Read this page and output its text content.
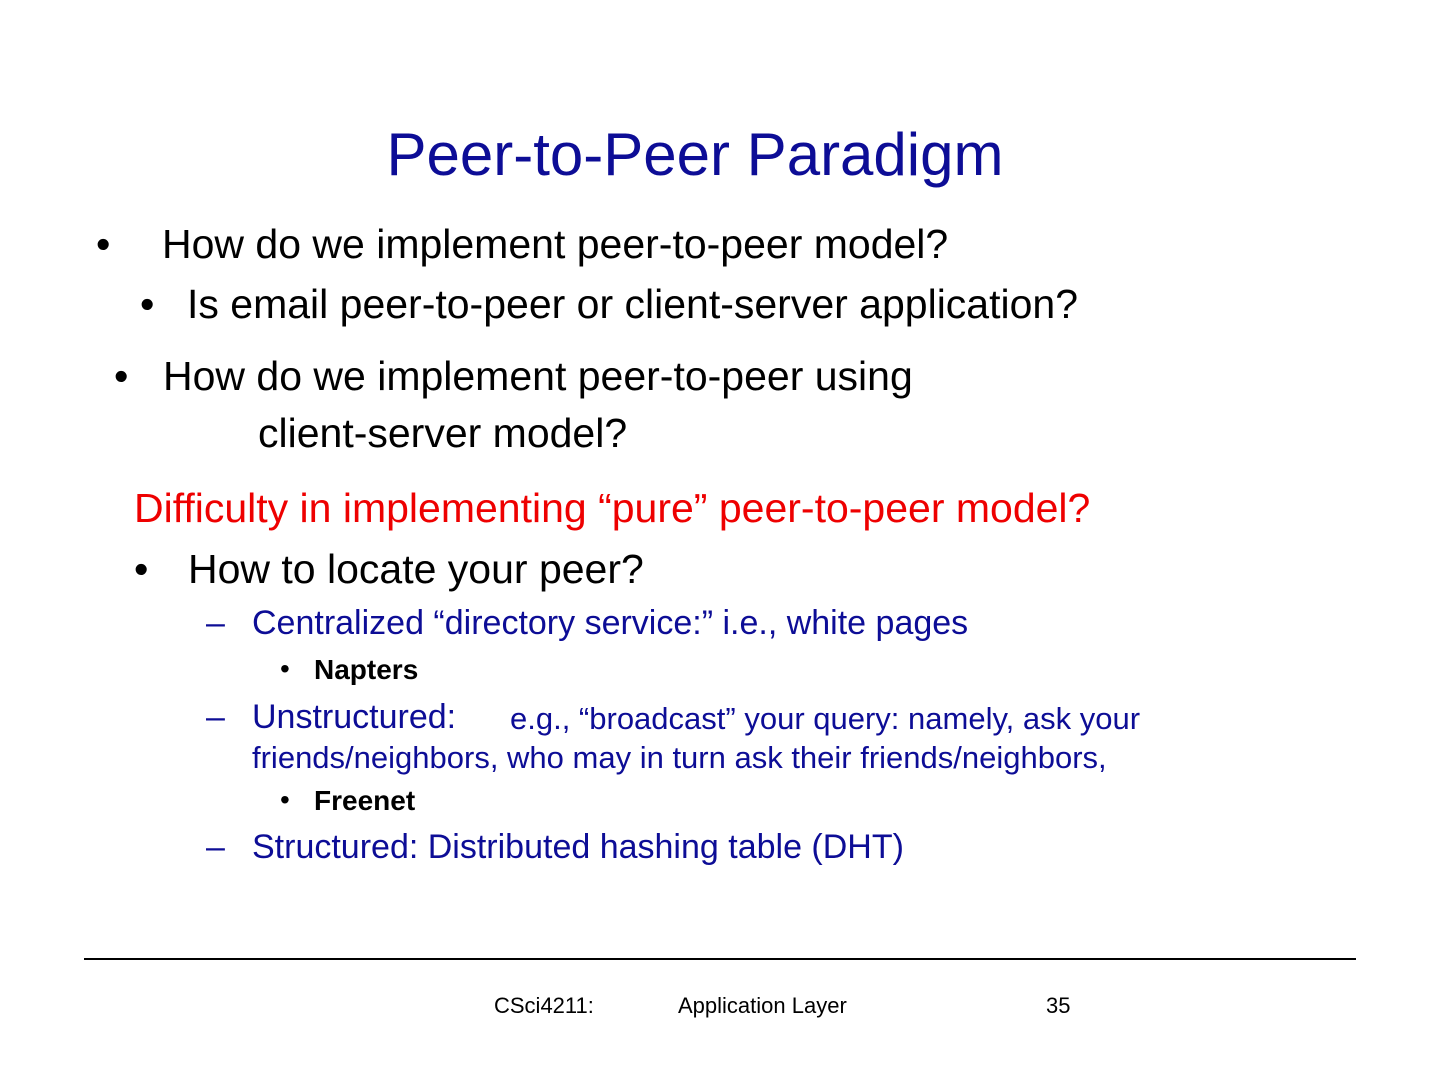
Peer-to-Peer Paradigm
• How do we implement peer-to-peer model?
• Is email peer-to-peer or client-server application?
• How do we implement peer-to-peer using
client-server model?
Difficulty in implementing “pure” peer-to-peer model?
• How to locate your peer?
– Centralized “directory service:” i.e., white pages
• Napters
– Unstructured: e.g., “broadcast” your query: namely, ask your
friends/neighbors, who may in turn ask their friends/neighbors,
• Freenet
– Structured: Distributed hashing table (DHT)
CSci4211:	Application Layer	35
